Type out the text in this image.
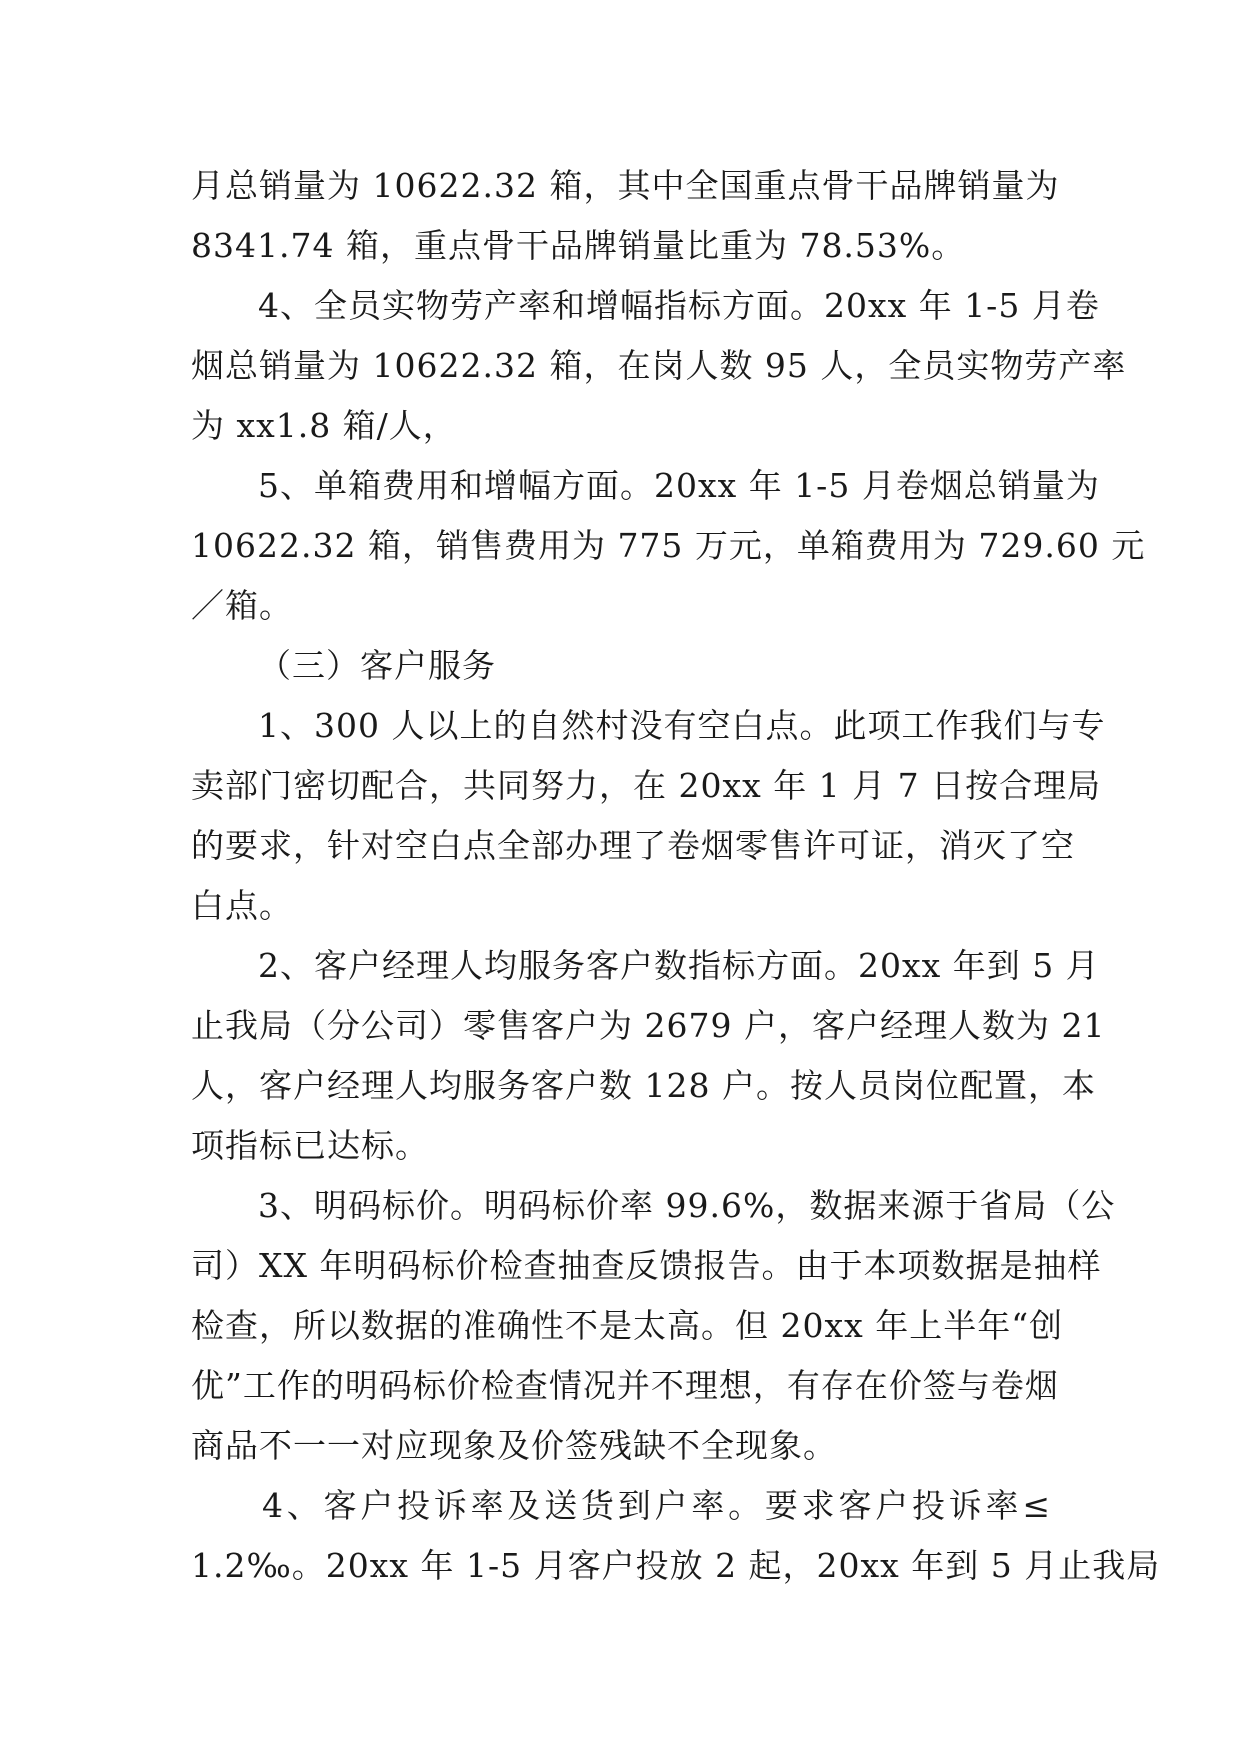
月总销量为 10622.32 箱，其中全国重点骨干品牌销量为
8341.74 箱，重点骨干品牌销量比重为 78.53%。
4、全员实物劳产率和增幅指标方面。20xx 年 1-5 月卷
烟总销量为 10622.32 箱，在岗人数 95 人，全员实物劳产率
为 xx1.8 箱/人，
5、单箱费用和增幅方面。20xx 年 1-5 月卷烟总销量为
10622.32 箱，销售费用为 775 万元，单箱费用为 729.60 元
／箱。
（三）客户服务
1、300 人以上的自然村没有空白点。此项工作我们与专
卖部门密切配合，共同努力，在 20xx 年 1 月 7 日按合理局
的要求，针对空白点全部办理了卷烟零售许可证，消灭了空
白点。
2、客户经理人均服务客户数指标方面。20xx 年到 5 月
止我局（分公司）零售客户为 2679 户，客户经理人数为 21
人，客户经理人均服务客户数 128 户。按人员岗位配置，本
项指标已达标。
3、明码标价。明码标价率 99.6%，数据来源于省局（公
司）XX 年明码标价检查抽查反馈报告。由于本项数据是抽样
检查，所以数据的准确性不是太高。但 20xx 年上半年“创
优”工作的明码标价检查情况并不理想，有存在价签与卷烟
商品不一一对应现象及价签残缺不全现象。
4、客户投诉率及送货到户率。要求客户投诉率≤
1.2‰。20xx 年 1-5 月客户投放 2 起，20xx 年到 5 月止我局
